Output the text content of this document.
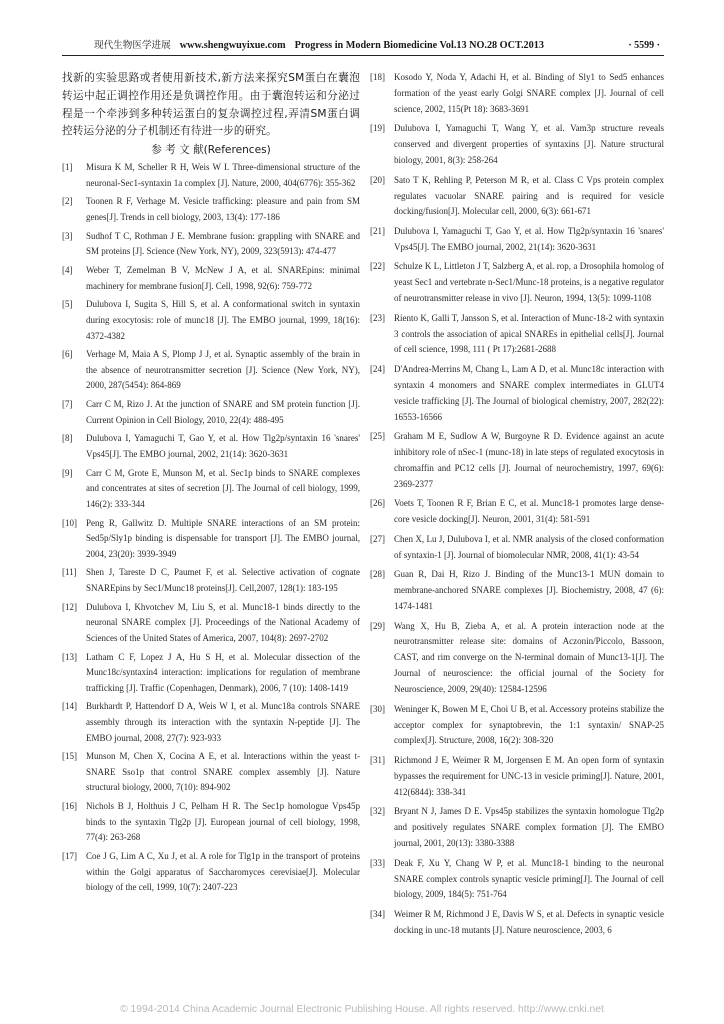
现代生物医学进展 www.shengwuyixue.com Progress in Modern Biomedicine Vol.13 NO.28 OCT.2013	· 5599 ·

找新的实验思路或者使用新技术,新方法来探究SM蛋白在囊泡转运中起正调控作用还是负调控作用。由于囊泡转运和分泌过程是一个牵涉到多种转运蛋白的复杂调控过程,弄清SM蛋白调控转运分泌的分子机制还有待进一步的研究。

参 考 文 献(References)
[1] Misura K M, Scheller R H, Weis W I. Three-dimensional structure of the neuronal-Sec1-syntaxin 1a complex [J]. Nature, 2000, 404(6776): 355-362
[2] Toonen R F, Verhage M. Vesicle trafficking: pleasure and pain from SM genes[J]. Trends in cell biology, 2003, 13(4): 177-186
[3] Sudhof T C, Rothman J E. Membrane fusion: grappling with SNARE and SM proteins [J]. Science (New York, NY), 2009, 323(5913): 474-477
[4] Weber T, Zemelman B V, McNew J A, et al. SNAREpins: minimal machinery for membrane fusion[J]. Cell, 1998, 92(6): 759-772
[5] Dulubova I, Sugita S, Hill S, et al. A conformational switch in syntaxin during exocytosis: role of munc18 [J]. The EMBO journal, 1999, 18(16): 4372-4382
[6] Verhage M, Maia A S, Plomp J J, et al. Synaptic assembly of the brain in the absence of neurotransmitter secretion [J]. Science (New York, NY), 2000, 287(5454): 864-869
[7] Carr C M, Rizo J. At the junction of SNARE and SM protein function [J]. Current Opinion in Cell Biology, 2010, 22(4): 488-495
[8] Dulubova I, Yamaguchi T, Gao Y, et al. How Tlg2p/syntaxin 16 'snares' Vps45[J]. The EMBO journal, 2002, 21(14): 3620-3631
[9] Carr C M, Grote E, Munson M, et al. Sec1p binds to SNARE complexes and concentrates at sites of secretion [J]. The Journal of cell biology, 1999, 146(2): 333-344
[10] Peng R, Gallwitz D. Multiple SNARE interactions of an SM protein: Sed5p/Sly1p binding is dispensable for transport [J]. The EMBO journal, 2004, 23(20): 3939-3949
[11] Shen J, Tareste D C, Paumet F, et al. Selective activation of cognate SNAREpins by Sec1/Munc18 proteins[J]. Cell,2007, 128(1): 183-195
[12] Dulubova I, Khvotchev M, Liu S, et al. Munc18-1 binds directly to the neuronal SNARE complex [J]. Proceedings of the National Academy of Sciences of the United States of America, 2007, 104(8): 2697-2702
[13] Latham C F, Lopez J A, Hu S H, et al. Molecular dissection of the Munc18c/syntaxin4 interaction: implications for regulation of membrane trafficking [J]. Traffic (Copenhagen, Denmark), 2006, 7 (10): 1408-1419
[14] Burkhardt P, Hattendorf D A, Weis W I, et al. Munc18a controls SNARE assembly through its interaction with the syntaxin N-peptide [J]. The EMBO journal, 2008, 27(7): 923-933
[15] Munson M, Chen X, Cocina A E, et al. Interactions within the yeast t-SNARE Sso1p that control SNARE complex assembly [J]. Nature structural biology, 2000, 7(10): 894-902
[16] Nichols B J, Holthuis J C, Pelham H R. The Sec1p homologue Vps45p binds to the syntaxin Tlg2p [J]. European journal of cell biology, 1998, 77(4): 263-268
[17] Coe J G, Lim A C, Xu J, et al. A role for Tlg1p in the transport of proteins within the Golgi apparatus of Saccharomyces cerevisiae[J]. Molecular biology of the cell, 1999, 10(7): 2407-223
[18] Kosodo Y, Noda Y, Adachi H, et al. Binding of Sly1 to Sed5 enhances formation of the yeast early Golgi SNARE complex [J]. Journal of cell science, 2002, 115(Pt 18): 3683-3691
[19] Dulubova I, Yamaguchi T, Wang Y, et al. Vam3p structure reveals conserved and divergent properties of syntaxins [J]. Nature structural biology, 2001, 8(3): 258-264
[20] Sato T K, Rehling P, Peterson M R, et al. Class C Vps protein complex regulates vacuolar SNARE pairing and is required for vesicle docking/fusion[J]. Molecular cell, 2000, 6(3): 661-671
[21] Dulubova I, Yamaguchi T, Gao Y, et al. How Tlg2p/syntaxin 16 'snares' Vps45[J]. The EMBO journal, 2002, 21(14): 3620-3631
[22] Schulze K L, Littleton J T, Salzberg A, et al. rop, a Drosophila homolog of yeast Sec1 and vertebrate n-Sec1/Munc-18 proteins, is a negative regulator of neurotransmitter release in vivo [J]. Neuron, 1994, 13(5): 1099-1108
[23] Riento K, Galli T, Jansson S, et al. Interaction of Munc-18-2 with syntaxin 3 controls the association of apical SNAREs in epithelial cells[J]. Journal of cell science, 1998, 111 ( Pt 17):2681-2688
[24] D'Andrea-Merrins M, Chang L, Lam A D, et al. Munc18c interaction with syntaxin 4 monomers and SNARE complex intermediates in GLUT4 vesicle trafficking [J]. The Journal of biological chemistry, 2007, 282(22): 16553-16566
[25] Graham M E, Sudlow A W, Burgoyne R D. Evidence against an acute inhibitory role of nSec-1 (munc-18) in late steps of regulated exocytosis in chromaffin and PC12 cells [J]. Journal of neurochemistry, 1997, 69(6): 2369-2377
[26] Voets T, Toonen R F, Brian E C, et al. Munc18-1 promotes large dense-core vesicle docking[J]. Neuron, 2001, 31(4): 581-591
[27] Chen X, Lu J, Dulubova I, et al. NMR analysis of the closed conformation of syntaxin-1 [J]. Journal of biomolecular NMR, 2008, 41(1): 43-54
[28] Guan R, Dai H, Rizo J. Binding of the Munc13-1 MUN domain to membrane-anchored SNARE complexes [J]. Biochemistry, 2008, 47 (6): 1474-1481
[29] Wang X, Hu B, Zieba A, et al. A protein interaction node at the neurotransmitter release site: domains of Aczonin/Piccolo, Bassoon, CAST, and rim converge on the N-terminal domain of Munc13-1[J]. The Journal of neuroscience: the official journal of the Society for Neuroscience, 2009, 29(40): 12584-12596
[30] Weninger K, Bowen M E, Choi U B, et al. Accessory proteins stabilize the acceptor complex for synaptobrevin, the 1:1 syntaxin/ SNAP-25 complex[J]. Structure, 2008, 16(2): 308-320
[31] Richmond J E, Weimer R M, Jorgensen E M. An open form of syntaxin bypasses the requirement for UNC-13 in vesicle priming[J]. Nature, 2001, 412(6844): 338-341
[32] Bryant N J, James D E. Vps45p stabilizes the syntaxin homologue Tlg2p and positively regulates SNARE complex formation [J]. The EMBO journal, 2001, 20(13): 3380-3388
[33] Deak F, Xu Y, Chang W P, et al. Munc18-1 binding to the neuronal SNARE complex controls synaptic vesicle priming[J]. The Journal of cell biology, 2009, 184(5): 751-764
[34] Weimer R M, Richmond J E, Davis W S, et al. Defects in synaptic vesicle docking in unc-18 mutants [J]. Nature neuroscience, 2003, 6
© 1994-2014 China Academic Journal Electronic Publishing House. All rights reserved. http://www.cnki.net
